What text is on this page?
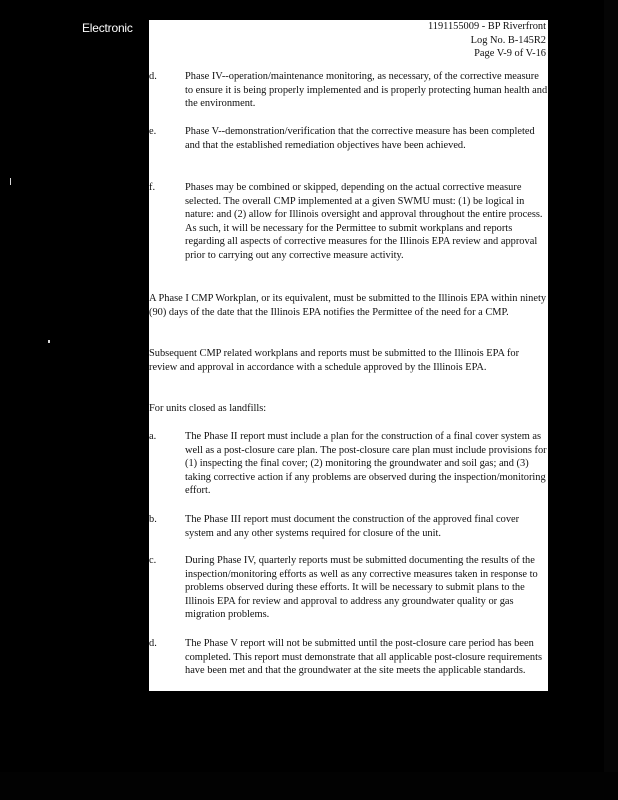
Electronic	1191155009 - BP Riverfront
Log No. B-145R2
Page V-9 of V-16
d.	Phase IV--operation/maintenance monitoring, as necessary, of the corrective measure to ensure it is being properly implemented and is properly protecting human health and the environment.
e.	Phase V--demonstration/verification that the corrective measure has been completed and that the established remediation objectives have been achieved.
f.	Phases may be combined or skipped, depending on the actual corrective measure selected. The overall CMP implemented at a given SWMU must: (1) be logical in nature: and (2) allow for Illinois oversight and approval throughout the entire process. As such, it will be necessary for the Permittee to submit workplans and reports regarding all aspects of corrective measures for the Illinois EPA review and approval prior to carrying out any corrective measure activity.
A Phase I CMP Workplan, or its equivalent, must be submitted to the Illinois EPA within ninety (90) days of the date that the Illinois EPA notifies the Permittee of the need for a CMP.
Subsequent CMP related workplans and reports must be submitted to the Illinois EPA for review and approval in accordance with a schedule approved by the Illinois EPA.
For units closed as landfills:
a.	The Phase II report must include a plan for the construction of a final cover system as well as a post-closure care plan. The post-closure care plan must include provisions for (1) inspecting the final cover; (2) monitoring the groundwater and soil gas; and (3) taking corrective action if any problems are observed during the inspection/monitoring effort.
b.	The Phase III report must document the construction of the approved final cover system and any other systems required for closure of the unit.
c.	During Phase IV, quarterly reports must be submitted documenting the results of the inspection/monitoring efforts as well as any corrective measures taken in response to problems observed during these efforts. It will be necessary to submit plans to the Illinois EPA for review and approval to address any groundwater quality or gas migration problems.
d.	The Phase V report will not be submitted until the post-closure care period has been completed. This report must demonstrate that all applicable post-closure requirements have been met and that the groundwater at the site meets the applicable standards.
